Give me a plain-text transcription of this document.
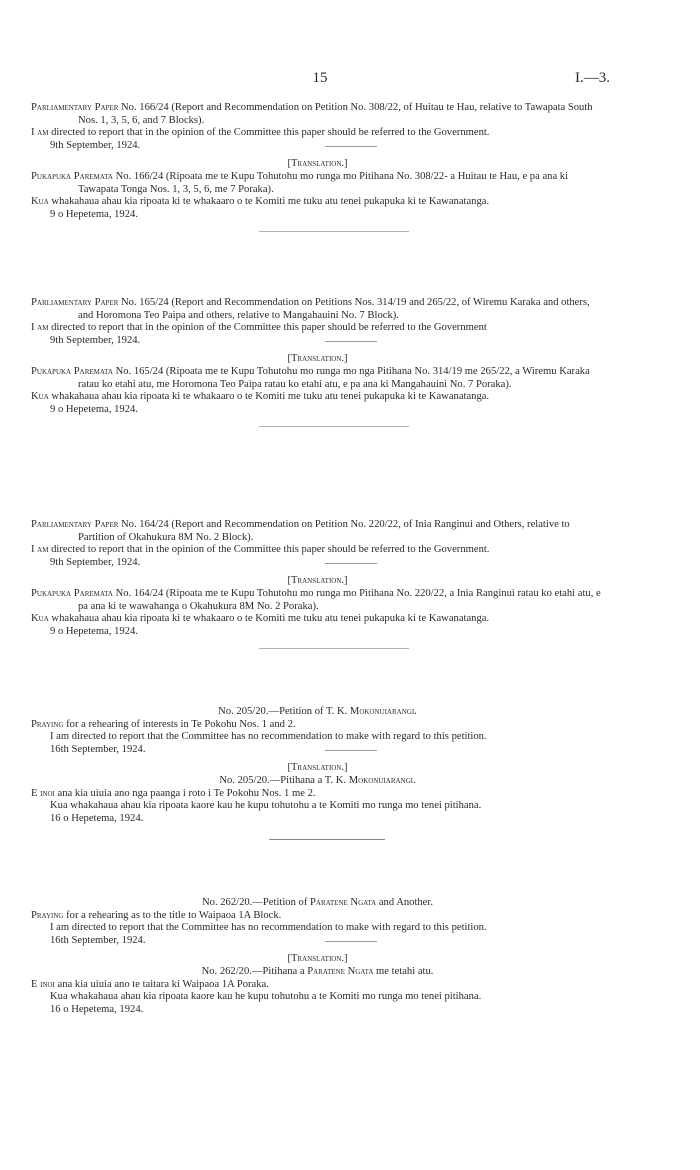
15	I.—3.

Parliamentary Paper No. 166/24 (Report and Recommendation on Petition No. 308/22, of Huitau te Hau, relative to Tawapata South Nos. 1, 3, 5, 6, and 7 Blocks).

I am directed to report that in the opinion of the Committee this paper should be referred to the Government.

9th September, 1924.

[Translation.]

Pukapuka Paremata No. 166/24 (Ripoata me te Kupu Tohutohu mo runga mo Pitihana No. 308/22- a Huitau te Hau, e pa ana ki Tawapata Tonga Nos. 1, 3, 5, 6, me 7 Poraka).

Kua whakahaua ahau kia ripoata ki te whakaaro o te Komiti me tuku atu tenei pukapuka ki te Kawanatanga.

9 o Hepetema, 1924.

Parliamentary Paper No. 165/24 (Report and Recommendation on Petitions Nos. 314/19 and 265/22, of Wiremu Karaka and others, and Horomona Teo Paipa and others, relative to Mangahauini No. 7 Block).

I am directed to report that in the opinion of the Committee this paper should be referred to the Government

9th September, 1924.

[Translation.]

Pukapuka Paremata No. 165/24 (Ripoata me te Kupu Tohutohu mo runga mo nga Pitihana No. 314/19 me 265/22, a Wiremu Karaka ratau ko etahi atu, me Horomona Teo Paipa ratau ko etahi atu, e pa ana ki Mangahauini No. 7 Poraka).

Kua whakahaua ahau kia ripoata ki te whakaaro o te Komiti me tuku atu tenei pukapuka ki te Kawanatanga.

9 o Hepetema, 1924.

Parliamentary Paper No. 164/24 (Report and Recommendation on Petition No. 220/22, of Inia Ranginui and Others, relative to Partition of Okahukura 8M No. 2 Block).

I am directed to report that in the opinion of the Committee this paper should be referred to the Government.

9th September, 1924.

[Translation.]

Pukapuka Paremata No. 164/24 (Ripoata me te Kupu Tohutohu mo runga mo Pitihana No. 220/22, a Inia Ranginui ratau ko etahi atu, e pa ana ki te wawahanga o Okahukura 8M No. 2 Poraka).

Kua whakahaua ahau kia ripoata ki te whakaaro o te Komiti me tuku atu tenei pukapuka ki te Kawanatanga.

9 o Hepetema, 1924.

No. 205/20.—Petition of T. K. Mokonuiarangi.

Praying for a rehearing of interests in Te Pokohu Nos. 1 and 2.

I am directed to report that the Committee has no recommendation to make with regard to this petition.

16th September, 1924.

[Translation.]

No. 205/20.—Pitihana a T. K. Mokonuiarangi.

E inoi ana kia uiuia ano nga paanga i roto i Te Pokohu Nos. 1 me 2.

Kua whakahaua ahau kia ripoata kaore kau he kupu tohutohu a te Komiti mo runga mo tenei pitihana.

16 o Hepetema, 1924.

No. 262/20.—Petition of Paratene Ngata and Another.

Praying for a rehearing as to the title to Waipaoa 1A Block.

I am directed to report that the Committee has no recommendation to make with regard to this petition.

16th September, 1924.

[Translation.]

No. 262/20.—Pitihana a Paratene Ngata me tetahi atu.

E inoi ana kia uiuia ano te taitara ki Waipaoa 1A Poraka.

Kua whakahaua ahau kia ripoata kaore kau he kupu tohutohu a te Komiti mo runga mo tenei pitihana.

16 o Hepetema, 1924.
